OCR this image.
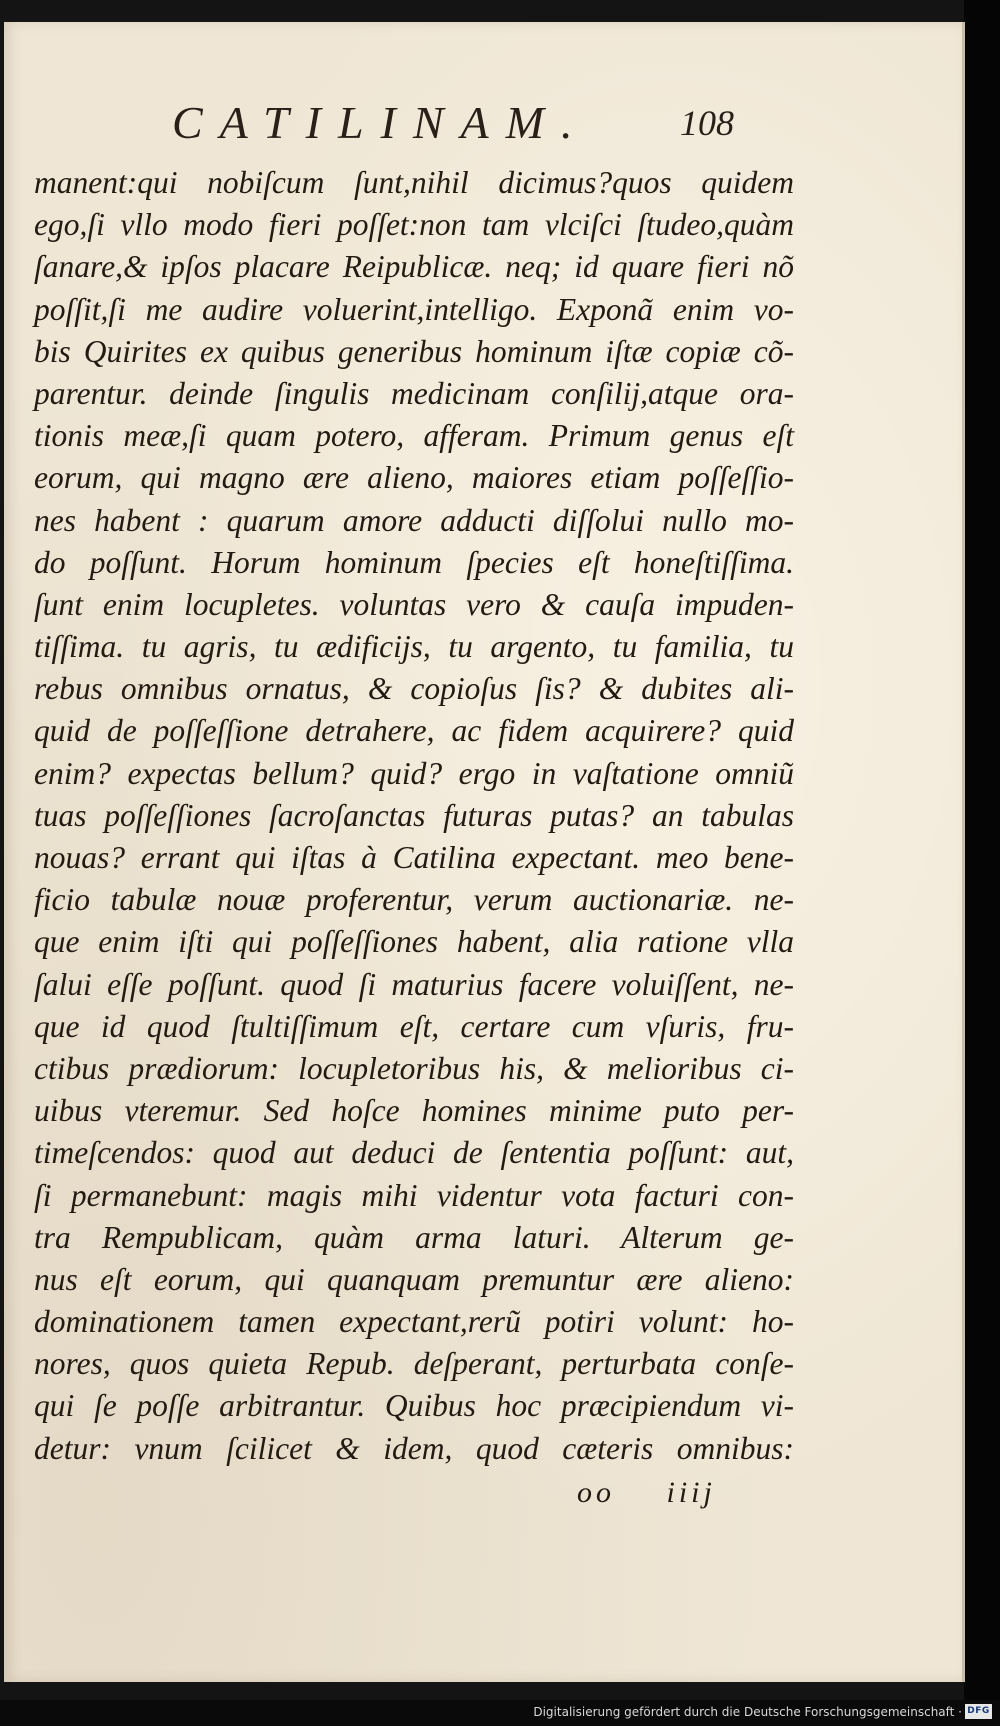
CATILINAM.	108
manent:qui nobiſcum ſunt,nihil dicimus?quos quidem
ego,ſi vllo modo fieri poſſet:non tam vlciſci ſtudeo,quàm
ſanare,& ipſos placare Reipublicæ. neq; id quare fieri nõ
poſſit,ſi me audire voluerint,intelligo. Exponã enim vo-
bis Quirites ex quibus generibus hominum iſtæ copiæ cõ-
parentur. deinde ſingulis medicinam conſilij,atque ora-
tionis meæ,ſi quam potero, afferam. Primum genus eſt
eorum, qui magno ære alieno, maiores etiam poſſeſſio-
nes habent : quarum amore adducti diſſolui nullo mo-
do poſſunt. Horum hominum ſpecies eſt honeſtiſſima.
ſunt enim locupletes. voluntas vero & cauſa impuden-
tiſſima. tu agris, tu ædificijs, tu argento, tu familia, tu
rebus omnibus ornatus, & copioſus ſis? & dubites ali-
quid de poſſeſſione detrahere, ac fidem acquirere? quid
enim? expectas bellum? quid? ergo in vaſtatione omniũ
tuas poſſeſſiones ſacroſanctas futuras putas? an tabulas
nouas? errant qui iſtas à Catilina expectant. meo bene-
ficio tabulæ nouæ proferentur, verum auctionariæ. ne-
que enim iſti qui poſſeſſiones habent, alia ratione vlla
ſalui eſſe poſſunt. quod ſi maturius facere voluiſſent, ne-
que id quod ſtultiſſimum eſt, certare cum vſuris, fru-
ctibus prædiorum: locupletoribus his, & melioribus ci-
uibus vteremur. Sed hoſce homines minime puto per-
timeſcendos: quod aut deduci de ſententia poſſunt: aut,
ſi permanebunt: magis mihi videntur vota facturi con-
tra Rempublicam, quàm arma laturi. Alterum ge-
nus eſt eorum, qui quanquam premuntur ære alieno:
dominationem tamen expectant,rerũ potiri volunt: ho-
nores, quos quieta Repub. deſperant, perturbata conſe-
qui ſe poſſe arbitrantur. Quibus hoc præcipiendum vi-
detur: vnum ſcilicet & idem, quod cæteris omnibus:
oo iiij
Digitalisierung gefördert durch die Deutsche Forschungsgemeinschaft · DFG
